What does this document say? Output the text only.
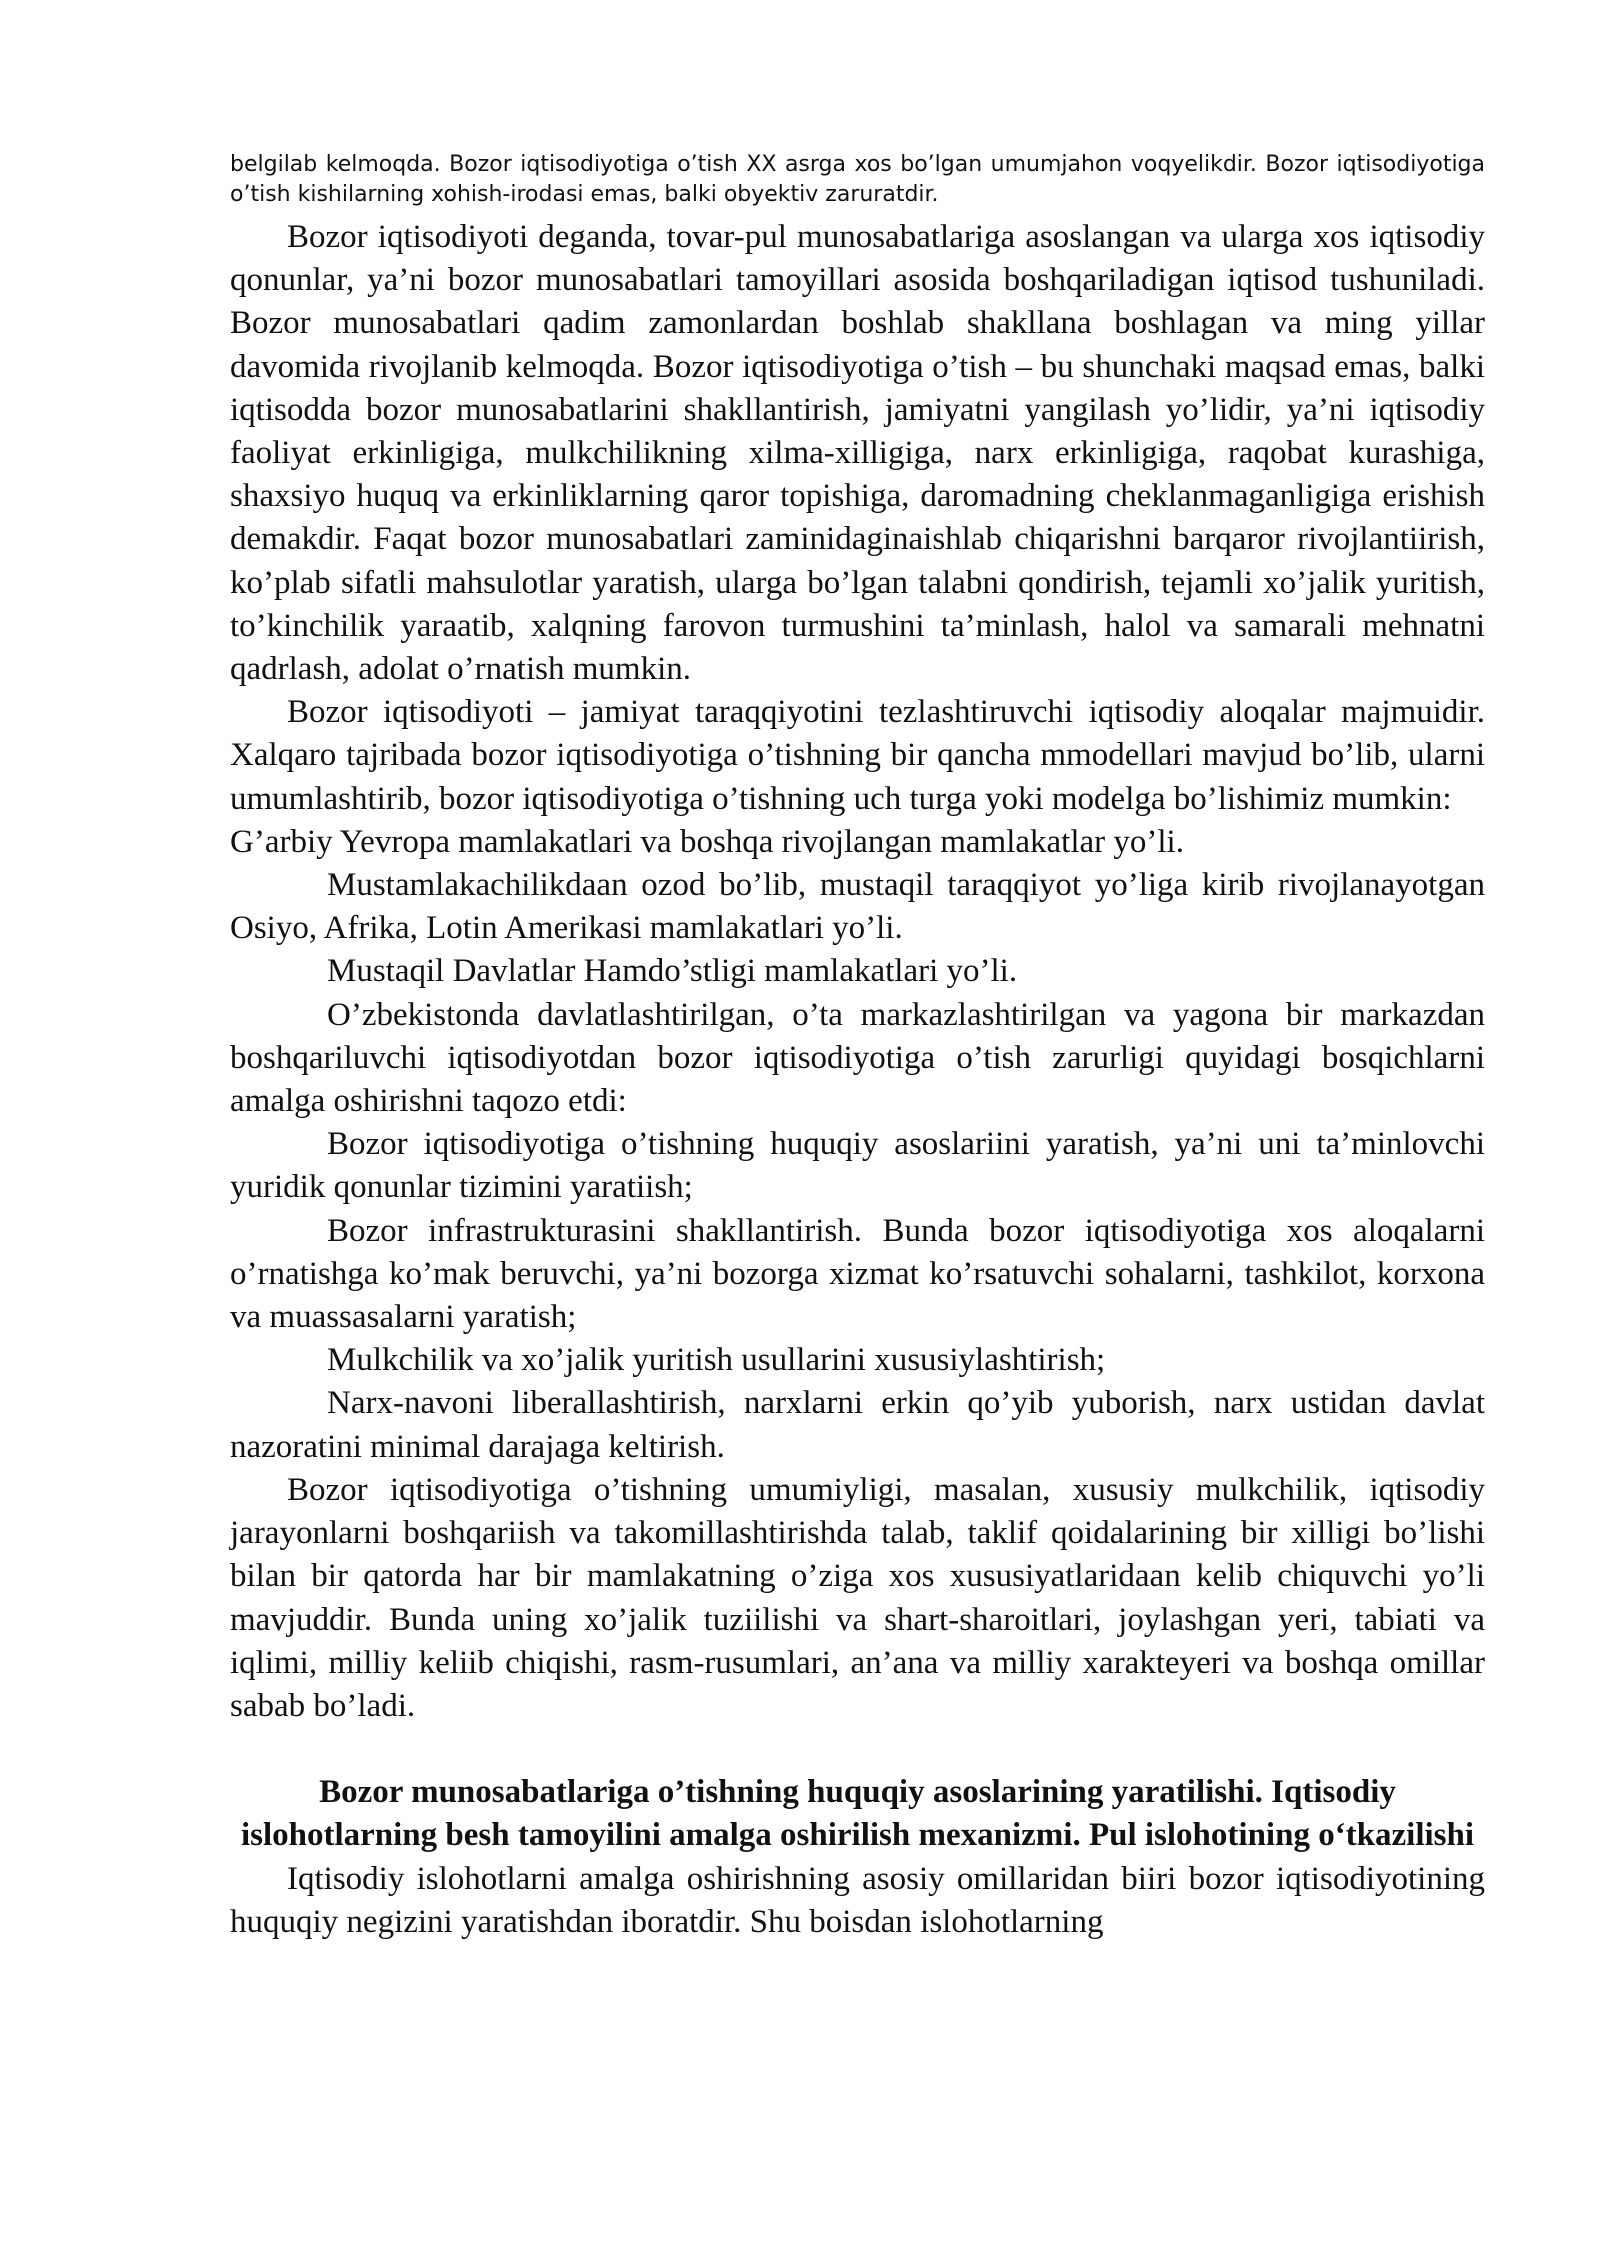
belgilab kelmoqda. Bozor iqtisodiyotiga o’tish XX asrga xos bo’lgan umumjahon voqyelikdir. Bozor iqtisodiyotiga o’tish kishilarning xohish-irodasi emas, balki obyektiv zaruratdir.

Bozor iqtisodiyoti deganda, tovar-pul munosabatlariga asoslangan va ularga xos iqtisodiy qonunlar, ya’ni bozor munosabatlari tamoyillari asosida boshqariladigan iqtisod tushuniladi. Bozor munosabatlari qadim zamonlardan boshlab shakllana boshlagan va ming yillar davomida rivojlanib kelmoqda. Bozor iqtisodiyotiga o’tish – bu shunchaki maqsad emas, balki iqtisodda bozor munosabatlarini shakllantirish, jamiyatni yangilash yo’lidir, ya’ni iqtisodiy faoliyat erkinligiga, mulkchilikning xilma-xilligiga, narx erkinligiga, raqobat kurashiga, shaxsiyo huquq va erkinliklarning qaror topishiga, daromadning cheklanmaganligiga erishish demakdir. Faqat bozor munosabatlari zaminidaginaishlab chiqarishni barqaror rivojlantiirish, ko’plab sifatli mahsulotlar yaratish, ularga bo’lgan talabni qondirish, tejamli xo’jalik yuritish, to’kinchilik yaraatib, xalqning farovon turmushini ta’minlash, halol va samarali mehnatni qadrlash, adolat o’rnatish mumkin.

Bozor iqtisodiyoti – jamiyat taraqqiyotini tezlashtiruvchi iqtisodiy aloqalar majmuidir. Xalqaro tajribada bozor iqtisodiyotiga o’tishning bir qancha mmodellari mavjud bo’lib, ularni umumlashtirib, bozor iqtisodiyotiga o’tishning uch turga yoki modelga bo’lishimiz mumkin:

G’arbiy Yevropa mamlakatlari va boshqa rivojlangan mamlakatlar yo’li.

Mustamlakachilikdaan ozod bo’lib, mustaqil taraqqiyot yo’liga kirib rivojlanayotgan Osiyo, Afrika, Lotin Amerikasi mamlakatlari yo’li.

Mustaqil Davlatlar Hamdo’stligi mamlakatlari yo’li.

O’zbekistonda davlatlashtirilgan, o’ta markazlashtirilgan va yagona bir markazdan boshqariluvchi iqtisodiyotdan bozor iqtisodiyotiga o’tish zarurligi quyidagi bosqichlarni amalga oshirishni taqozo etdi:

Bozor iqtisodiyotiga o’tishning huquqiy asoslariini yaratish, ya’ni uni ta’minlovchi yuridik qonunlar tizimini yaratiish;

Bozor infrastrukturasini shakllantirish. Bunda bozor iqtisodiyotiga xos aloqalarni o’rnatishga ko’mak beruvchi, ya’ni bozorga xizmat ko’rsatuvchi sohalarni, tashkilot, korxona va muassasalarni yaratish;

Mulkchilik va xo’jalik yuritish usullarini xususiylashtirish;

Narx-navoni liberallashtirish, narxlarni erkin qo’yib yuborish, narx ustidan davlat nazoratini minimal darajaga keltirish.

Bozor iqtisodiyotiga o’tishning umumiyligi, masalan, xususiy mulkchilik, iqtisodiy jarayonlarni boshqariish va takomillashtirishda talab, taklif qoidalarining bir xilligi bo’lishi bilan bir qatorda har bir mamlakatning o’ziga xos xususiyatlaridaan kelib chiquvchi yo’li mavjuddir. Bunda uning xo’jalik tuziilishi va shart-sharoitlari, joylashgan yeri, tabiati va iqlimi, milliy keliib chiqishi, rasm-rusumlari, an’ana va milliy xarakteyeri va boshqa omillar sabab bo’ladi.

Bozor munosabatlariga o’tishning huquqiy asoslarining yaratilishi. Iqtisodiy islohotlarning besh tamoyilini amalga oshirilish mexanizmi. Pul islohotining o‘tkazilishi

Iqtisodiy islohotlarni amalga oshirishning asosiy omillaridan biiri bozor iqtisodiyotining huquqiy negizini yaratishdan iboratdir. Shu boisdan islohotlarning
